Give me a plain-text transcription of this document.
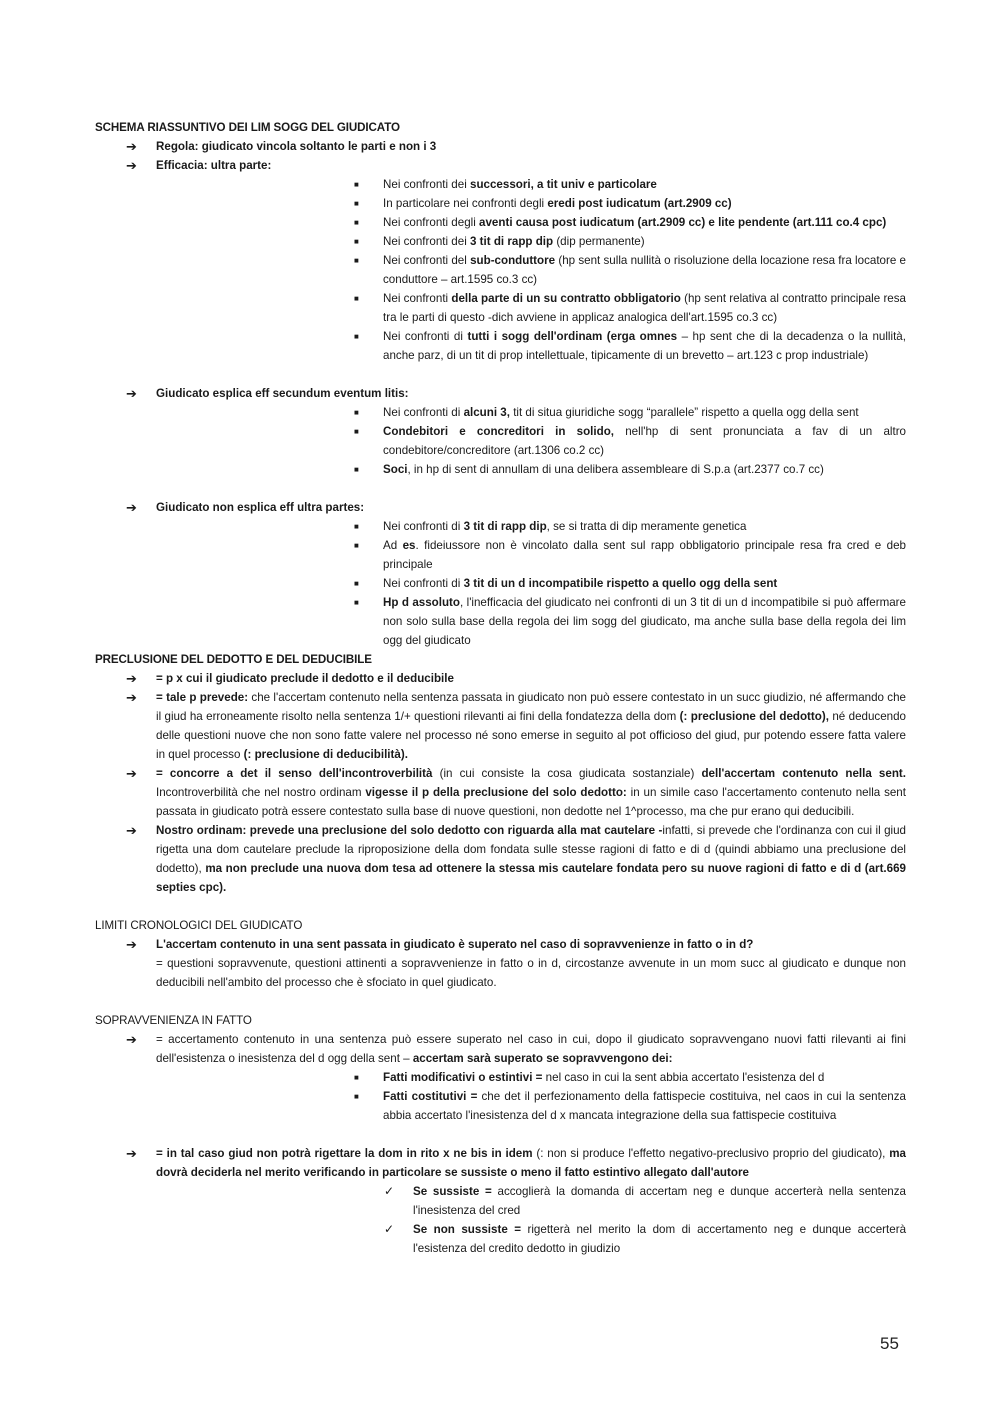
SCHEMA RIASSUNTIVO DEI LIM SOGG DEL GIUDICATO
➔ Regola: giudicato vincola soltanto le parti e non i 3
➔ Efficacia: ultra parte:
■ Nei confronti dei successori, a tit univ e particolare
■ In particolare nei confronti degli eredi post iudicatum (art.2909 cc)
■ Nei confronti degli aventi causa post iudicatum (art.2909 cc) e lite pendente (art.111 co.4 cpc)
■ Nei confronti dei 3 tit di rapp dip (dip permanente)
■ Nei confronti del sub-conduttore (hp sent sulla nullità o risoluzione della locazione resa fra locatore e conduttore – art.1595 co.3 cc)
■ Nei confronti della parte di un su contratto obbligatorio (hp sent relativa al contratto principale resa tra le parti di questo -dich avviene in applicaz analogica dell'art.1595 co.3 cc)
■ Nei confronti di tutti i sogg dell'ordinam (erga omnes – hp sent che di la decadenza o la nullità, anche parz, di un tit di prop intellettuale, tipicamente di un brevetto – art.123 c prop industriale)
➔ Giudicato esplica eff secundum eventum litis:
■ Nei confronti di alcuni 3, tit di situa giuridiche sogg “parallele” rispetto a quella ogg della sent
■ Condebitori e concreditori in solido, nell'hp di sent pronunciata a fav di un altro condebitore/concreditore (art.1306 co.2 cc)
■ Soci, in hp di sent di annullam di una delibera assembleare di S.p.a (art.2377 co.7 cc)
➔ Giudicato non esplica eff ultra partes:
■ Nei confronti di 3 tit di rapp dip, se si tratta di dip meramente genetica
■ Ad es. fideiussore non è vincolato dalla sent sul rapp obbligatorio principale resa fra cred e deb principale
■ Nei confronti di 3 tit di un d incompatibile rispetto a quello ogg della sent
■ Hp d assoluto, l'inefficacia del giudicato nei confronti di un 3 tit di un d incompatibile si può affermare non solo sulla base della regola dei lim sogg del giudicato, ma anche sulla base della regola dei lim ogg del giudicato
PRECLUSIONE DEL DEDOTTO E DEL DEDUCIBILE
➔ = p x cui il giudicato preclude il dedotto e il deducibile
➔ = tale p prevede: che l'accertam contenuto nella sentenza passata in giudicato non può essere contestato in un succ giudizio, né affermando che il giud ha erroneamente risolto nella sentenza 1/+ questioni rilevanti ai fini della fondatezza della dom (: preclusione del dedotto), né deducendo delle questioni nuove che non sono fatte valere nel processo né sono emerse in seguito al pot officioso del giud, pur potendo essere fatta valere in quel processo (: preclusione di deducibilità).
➔ = concorre a det il senso dell'incontroverbilità (in cui consiste la cosa giudicata sostanziale) dell'accertam contenuto nella sent. Incontroverbilità che nel nostro ordinam vigesse il p della preclusione del solo dedotto: in un simile caso l'accertamento contenuto nella sent passata in giudicato potrà essere contestato sulla base di nuove questioni, non dedotte nel 1^processo, ma che pur erano qui deducibili.
➔ Nostro ordinam: prevede una preclusione del solo dedotto con riguarda alla mat cautelare -infatti, si prevede che l'ordinanza con cui il giud rigetta una dom cautelare preclude la riproposizione della dom fondata sulle stesse ragioni di fatto e di d (quindi abbiamo una preclusione del dodetto), ma non preclude una nuova dom tesa ad ottenere la stessa mis cautelare fondata pero su nuove ragioni di fatto e di d (art.669 septies cpc).
LIMITI CRONOLOGICI DEL GIUDICATO
➔ L'accertam contenuto in una sent passata in giudicato è superato nel caso di sopravvenienze in fatto o in d?
= questioni sopravvenute, questioni attinenti a sopravvenienze in fatto o in d, circostanze avvenute in un mom succ al giudicato e dunque non deducibili nell'ambito del processo che è sfociato in quel giudicato.
SOPRAVVENIENZA IN FATTO
➔ = accertamento contenuto in una sentenza può essere superato nel caso in cui, dopo il giudicato sopravvengano nuovi fatti rilevanti ai fini dell'esistenza o inesistenza del d ogg della sent – accertam sarà superato se sopravvengono dei:
■ Fatti modificativi o estintivi = nel caso in cui la sent abbia accertato l'esistenza del d
■ Fatti costitutivi = che det il perfezionamento della fattispecie costituiva, nel caos in cui la sentenza abbia accertato l'inesistenza del d x mancata integrazione della sua fattispecie costituiva
➔ = in tal caso giud non potrà rigettare la dom in rito x ne bis in idem (: non si produce l'effetto negativo-preclusivo proprio del giudicato), ma dovrà deciderla nel merito verificando in particolare se sussiste o meno il fatto estintivo allegato dall'autore
✓ Se sussiste = accoglierà la domanda di accertam neg e dunque accerterà nella sentenza l'inesistenza del cred
✓ Se non sussiste = rigetterà nel merito la dom di accertamento neg e dunque accerterà l'esistenza del credito dedotto in giudizio
55
